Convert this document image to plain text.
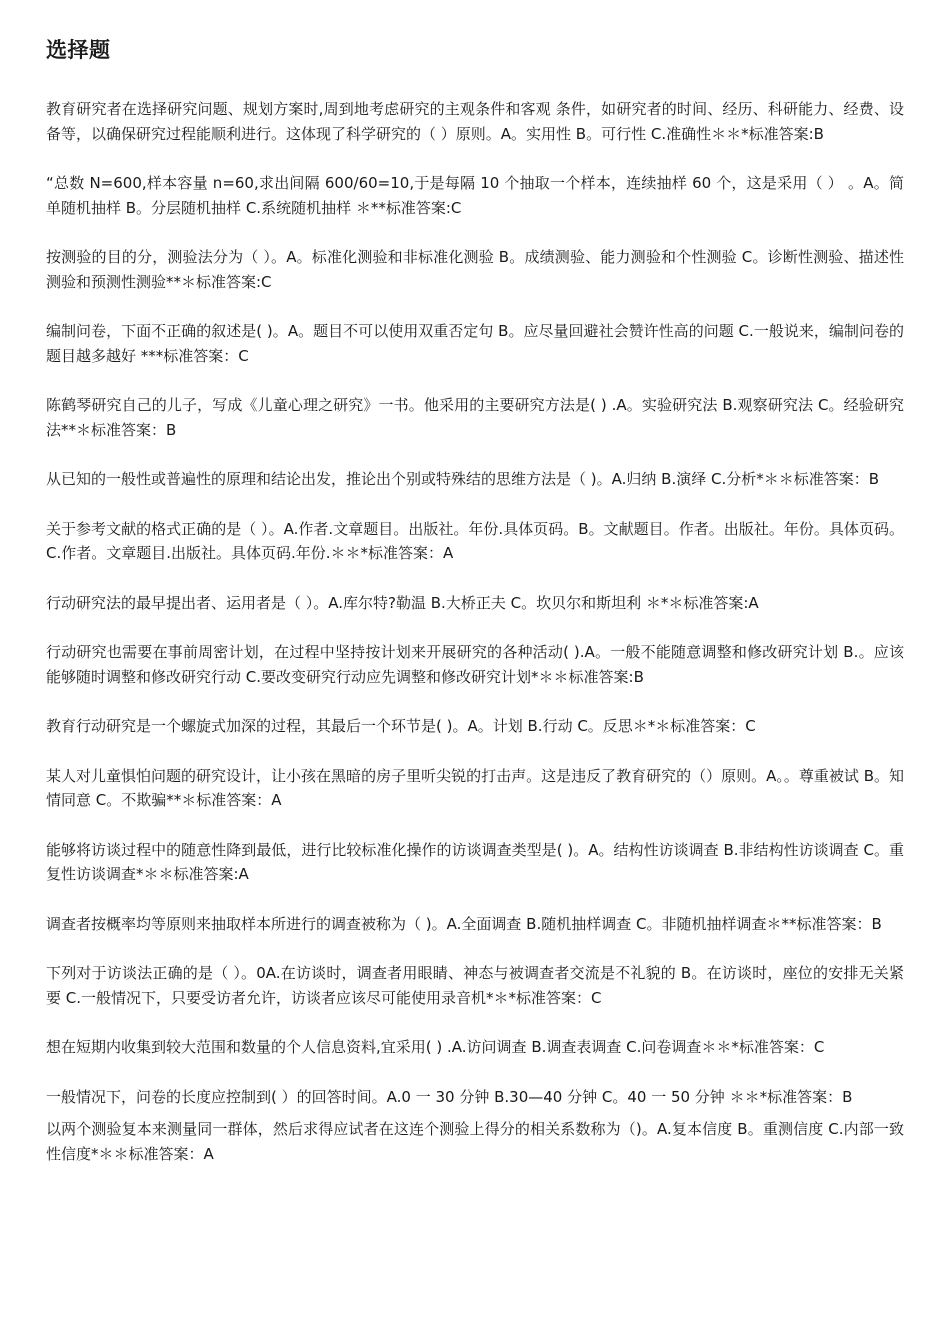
选择题

教育研究者在选择研究问题、规划方案时,周到地考虑研究的主观条件和客观 条件，如研究者的时间、经历、科研能力、经费、设备等，以确保研究过程能顺利进行。这体现了科学研究的（ ）原则。A。实用性 B。可行性 C.准确性＊＊*标准答案:B

“总数 N=600,样本容量 n=60,求出间隔 600/60=10,于是每隔 10 个抽取一个样本，连续抽样 60 个，这是采用（ ） 。A。简单随机抽样 B。分层随机抽样 C.系统随机抽样 ＊**标准答案:C

按测验的目的分，测验法分为（ ）。A。标准化测验和非标准化测验 B。成绩测验、能力测验和个性测验 C。诊断性测验、描述性测验和预测性测验**＊标准答案:C

编制问卷，下面不正确的叙述是( )。A。题目不可以使用双重否定句 B。应尽量回避社会赞许性高的问题 C.一般说来，编制问卷的题目越多越好 ***标准答案：C

陈鹤琴研究自己的儿子，写成《儿童心理之研究》一书。他采用的主要研究方法是( ) .A。实验研究法 B.观察研究法 C。经验研究法**＊标准答案：B

从已知的一般性或普遍性的原理和结论出发，推论出个别或特殊结的思维方法是（ )。A.归纳 B.演绎 C.分析*＊＊标准答案：B

关于参考文献的格式正确的是（ ）。A.作者.文章题目。出版社。年份.具体页码。B。文献题目。作者。出版社。年份。具体页码。C.作者。文章题目.出版社。具体页码.年份.＊＊*标准答案：A

行动研究法的最早提出者、运用者是（ ）。A.库尔特?勒温 B.大桥正夫 C。坎贝尔和斯坦利 ＊*＊标准答案:A

行动研究也需要在事前周密计划，在过程中坚持按计划来开展研究的各种活动( ).A。一般不能随意调整和修改研究计划 B.。应该能够随时调整和修改研究行动 C.要改变研究行动应先调整和修改研究计划*＊＊标准答案:B

教育行动研究是一个螺旋式加深的过程，其最后一个环节是( )。A。计划 B.行动 C。反思＊*＊标准答案：C

某人对儿童惧怕问题的研究设计，让小孩在黑暗的房子里听尖锐的打击声。这是违反了教育研究的（）原则。A。。尊重被试 B。知情同意 C。不欺骗**＊标准答案：A

能够将访谈过程中的随意性降到最低，进行比较标准化操作的访谈调查类型是( )。A。结构性访谈调查 B.非结构性访谈调查 C。重复性访谈调查*＊＊标准答案:A

调查者按概率均等原则来抽取样本所进行的调查被称为（ )。A.全面调查 B.随机抽样调查 C。非随机抽样调查＊**标准答案：B

下列对于访谈法正确的是（ ）。0A.在访谈时，调查者用眼睛、神态与被调查者交流是不礼貌的 B。在访谈时，座位的安排无关紧要 C.一般情况下，只要受访者允许，访谈者应该尽可能使用录音机*＊*标准答案：C

想在短期内收集到较大范围和数量的个人信息资料,宜采用( ) .A.访问调查 B.调查表调查 C.问卷调查＊＊*标准答案：C

一般情况下，问卷的长度应控制到( ）的回答时间。A.0 一 30 分钟 B.30—40 分钟 C。40 一 50 分钟 ＊＊*标准答案：B

以两个测验复本来测量同一群体，然后求得应试者在这连个测验上得分的相关系数称为（)。A.复本信度 B。重测信度 C.内部一致性信度*＊＊标准答案：A
